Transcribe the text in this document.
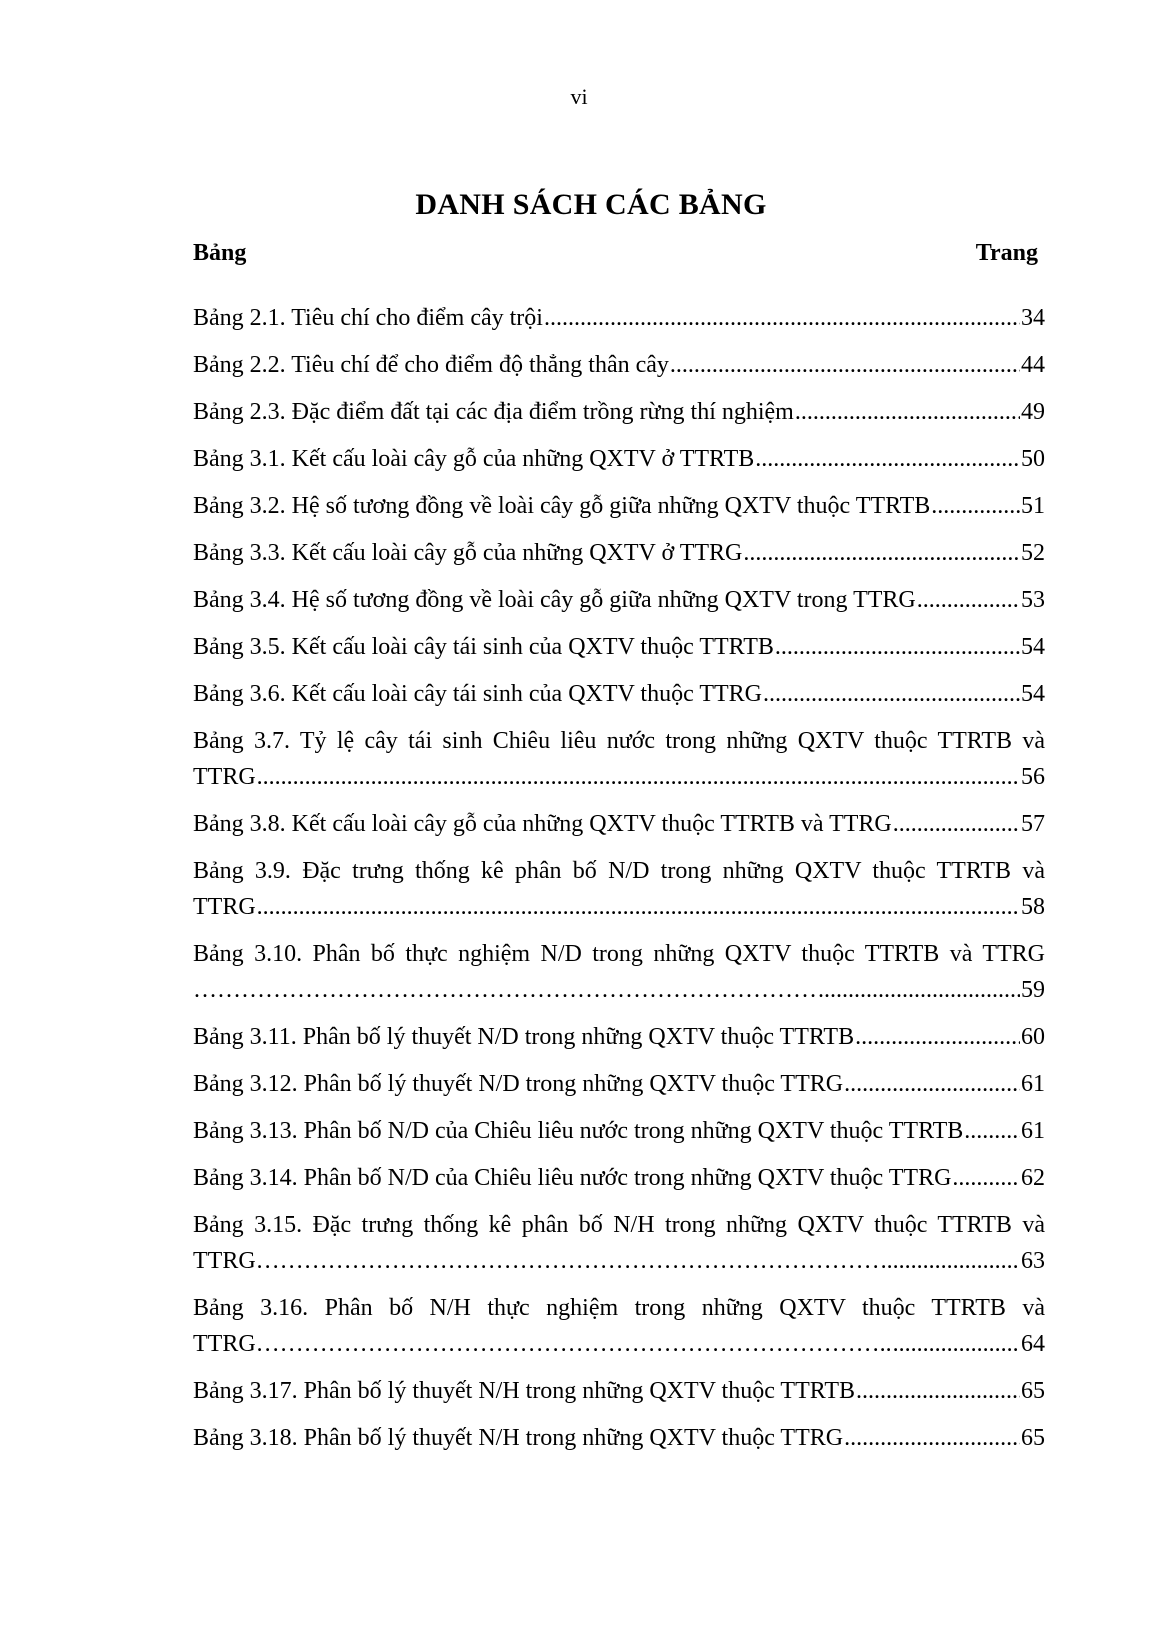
vi
DANH SÁCH CÁC BẢNG
Bảng	Trang
Bảng 2.1. Tiêu chí cho điểm cây trội .....	34
Bảng 2.2. Tiêu chí để cho điểm độ thẳng thân cây .....	44
Bảng 2.3. Đặc điểm đất tại các địa điểm trồng rừng thí nghiệm .....	49
Bảng 3.1. Kết cấu loài cây gỗ của những QXTV ở TTRTB .....	50
Bảng 3.2. Hệ số tương đồng về loài cây gỗ giữa những QXTV thuộc TTRTB .....	51
Bảng 3.3. Kết cấu loài cây gỗ của những QXTV ở TTRG .....	52
Bảng 3.4. Hệ số tương đồng về loài cây gỗ giữa những QXTV trong TTRG .....	53
Bảng 3.5. Kết cấu loài cây tái sinh của QXTV thuộc TTRTB .....	54
Bảng 3.6. Kết cấu loài cây tái sinh của QXTV thuộc TTRG .....	54
Bảng 3.7. Tỷ lệ cây tái sinh Chiêu liêu nước trong những QXTV thuộc TTRTB và
TTRG .....	56
Bảng 3.8. Kết cấu loài cây gỗ của những QXTV thuộc TTRTB và TTRG .....	57
Bảng 3.9. Đặc trưng thống kê phân bố N/D trong những QXTV thuộc TTRTB và
TTRG .....	58
Bảng 3.10. Phân bố thực nghiệm N/D trong những QXTV thuộc TTRTB và TTRG
…………………………………………………………………… .....	59
Bảng 3.11. Phân bố lý thuyết N/D trong những QXTV thuộc TTRTB .....	60
Bảng 3.12. Phân bố lý thuyết N/D trong những QXTV thuộc TTRG .....	61
Bảng 3.13. Phân bố N/D của Chiêu liêu nước trong những QXTV thuộc TTRTB ..... 61
Bảng 3.14. Phân bố N/D của Chiêu liêu nước trong những QXTV thuộc TTRG .....	62
Bảng 3.15. Đặc trưng thống kê phân bố N/H trong những QXTV thuộc TTRTB và
TTRG…………………………………………………………………… .....	63
Bảng 3.16. Phân bố N/H thực nghiệm trong những QXTV thuộc TTRTB và
TTRG…………………………………………………………………….. .....	64
Bảng 3.17. Phân bố lý thuyết N/H trong những QXTV thuộc TTRTB .....	65
Bảng 3.18. Phân bố lý thuyết N/H trong những QXTV thuộc TTRG .....	65
